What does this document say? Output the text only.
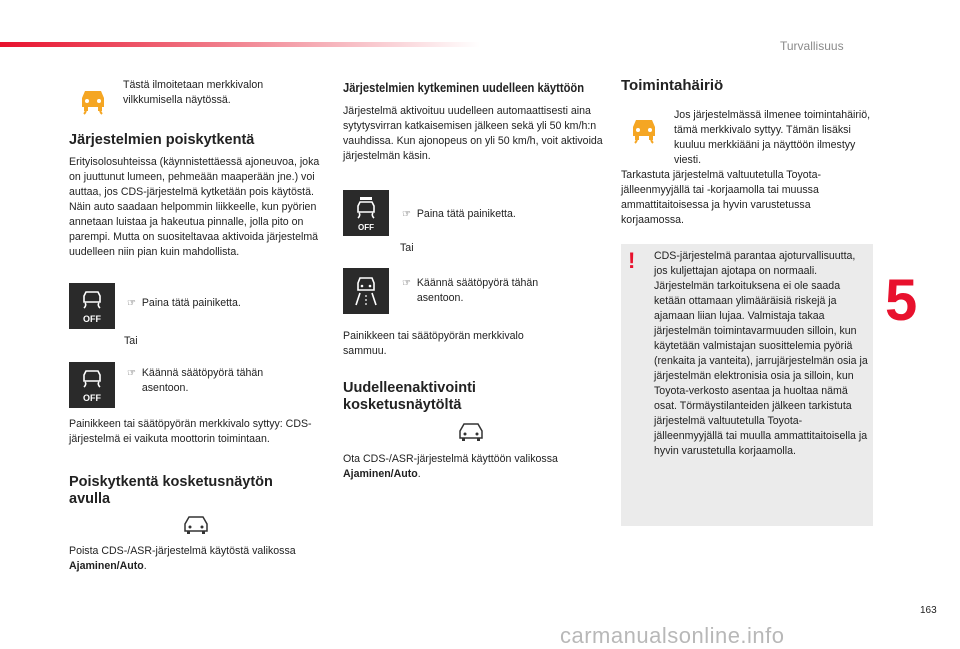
Turvallisuus
5
163
carmanualsonline.info
Tästä ilmoitetaan merkkivalon vilkkumisella näytössä.
Järjestelmien poiskytkentä
Erityisolosuhteissa (käynnistettäessä ajoneuvoa, joka on juuttunut lumeen, pehmeään maaperään jne.) voi auttaa, jos CDS-järjestelmä kytketään pois käytöstä. Näin auto saadaan helpommin liikkeelle, kun pyörien annetaan luistaa ja hakeutua pinnalle, jolla pito on parempi. Mutta on suositeltavaa aktivoida järjestelmä uudelleen niin pian kuin mahdollista.
OFF
☞ Paina tätä painiketta.
Tai
OFF
☞ Käännä säätöpyörä tähän asentoon.
Painikkeen tai säätöpyörän merkkivalo syttyy: CDS-järjestelmä ei vaikuta moottorin toimintaan.
Poiskytkentä kosketusnäytön avulla
Poista CDS-/ASR-järjestelmä käytöstä valikossa Ajaminen/Auto.
Järjestelmien kytkeminen uudelleen käyttöön
Järjestelmä aktivoituu uudelleen automaattisesti aina sytytysvirran katkaisemisen jälkeen sekä yli 50 km/h:n vauhdissa. Kun ajonopeus on yli 50 km/h, voit aktivoida järjestelmän käsin.
OFF
☞ Paina tätä painiketta.
Tai
☞ Käännä säätöpyörä tähän asentoon.
Painikkeen tai säätöpyörän merkkivalo sammuu.
Uudelleenaktivointi kosketusnäytöltä
Ota CDS-/ASR-järjestelmä käyttöön valikossa Ajaminen/Auto.
Toimintahäiriö
Jos järjestelmässä ilmenee toimintahäiriö, tämä merkkivalo syttyy. Tämän lisäksi kuuluu merkkiääni ja näyttöön ilmestyy viesti.
Tarkastuta järjestelmä valtuutetulla Toyota-jälleenmyyjällä tai -korjaamolla tai muussa ammattitaitoisessa ja hyvin varustetussa korjaamossa.
! CDS-järjestelmä parantaa ajoturvallisuutta, jos kuljettajan ajotapa on normaali. Järjestelmän tarkoituksena ei ole saada ketään ottamaan ylimääräisiä riskejä ja ajamaan liian lujaa. Valmistaja takaa järjestelmän toimintavarmuuden silloin, kun käytetään valmistajan suosittelemia pyöriä (renkaita ja vanteita), jarrujärjestelmän osia ja järjestelmän elektronisia osia ja silloin, kun Toyota-verkosto asentaa ja huoltaa nämä osat. Törmäystilanteiden jälkeen tarkistuta järjestelmä valtuutetulla Toyota-jälleenmyyjällä tai muulla ammattitaitoisella ja hyvin varustetulla korjaamolla.
